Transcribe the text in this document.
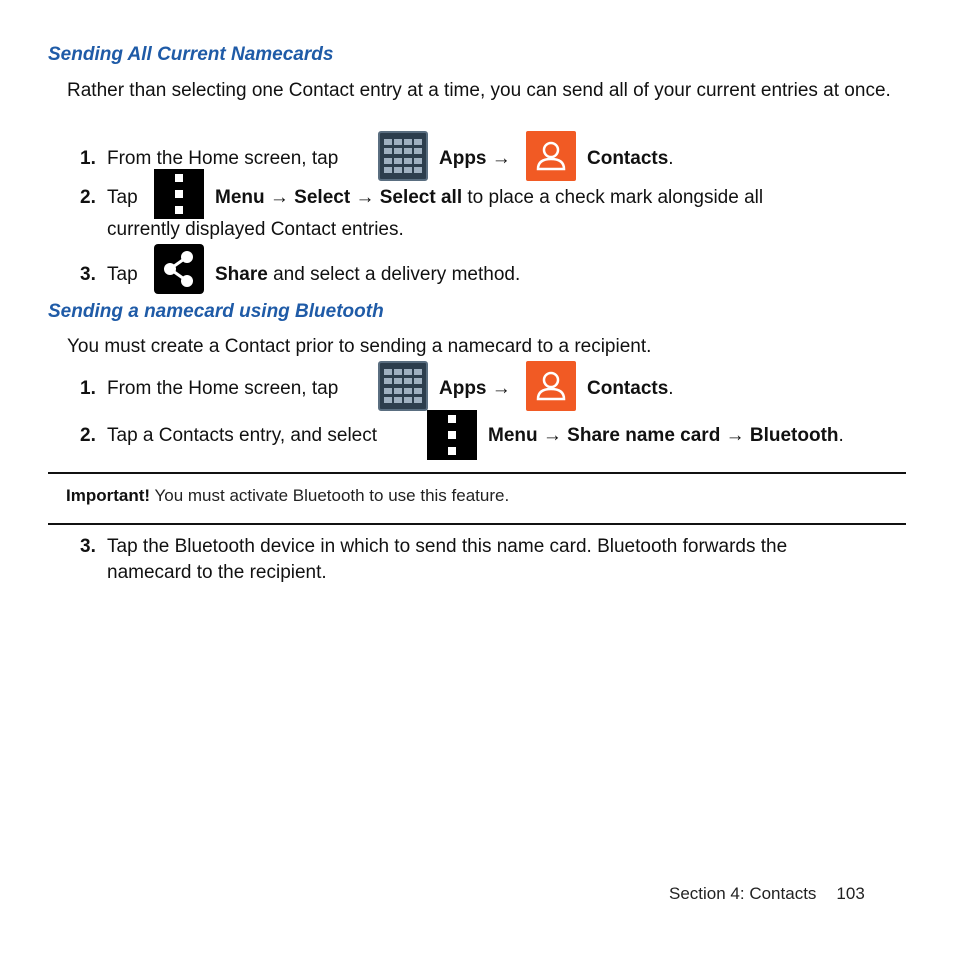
Sending All Current Namecards

Rather than selecting one Contact entry at a time, you can send all of your current entries at once.

1. From the Home screen, tap	Apps →	Contacts.
2. Tap	Menu → Select → Select all to place a check mark alongside all
currently displayed Contact entries.
3. Tap	Share and select a delivery method.
Sending a namecard using Bluetooth

You must create a Contact prior to sending a namecard to a recipient.

1. From the Home screen, tap	Apps →	Contacts.
2. Tap a Contacts entry, and select	Menu → Share name card → Bluetooth.
Important! You must activate Bluetooth to use this feature.
3. Tap the Bluetooth device in which to send this name card. Bluetooth forwards the
namecard to the recipient.
Section 4: Contacts 103
